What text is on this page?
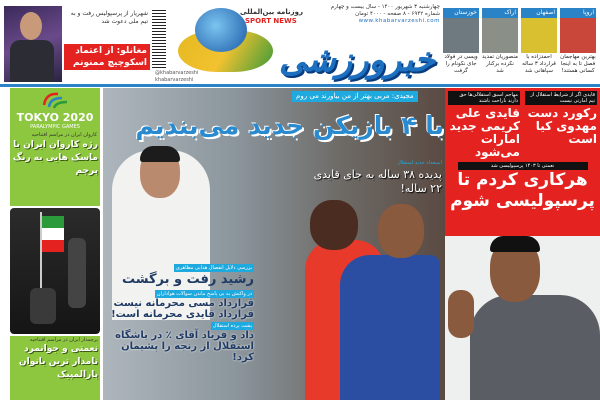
شهریار از پرسپولیس رفت و به تیم ملی دعوت شد
مغانلو: از اعتماد اسکوچیچ ممنونم	خبرورزشی
روزنامه بین‌المللی
SPORT NEWS
@khabarvarzeshi
khabarvarzeshi
چهارشنبه ۳ شهریور ۱۴۰۰ - سال بیست و چهارم
شماره ۶۹۴۲ - ۸ صفحه - ۴۰۰۰ تومان
www.khabarvarzeshi.com
اروپا
بهترین مهاجمان فصل تا به اینجا کسانی هستند!
اصفهان
احمدزاده با قرارداد ۳ ساله سپاهانی شد
اراک
منصوریان تمدید نکرده برکنار شد
خوزستان
ویسی در فولاد جای نکونام را گرفت
TOKYO 2020
PARALYMPIC GAMES
کاروان ایران در مراسم افتتاحیه
رژه کاروان ایران با ماسک هایی به رنگ پرچم
پرچمدار ایران در مراسم افتتاحیه
نعمتی و جوانمرد نامدار ترین بانوان پارالمپیک
مجیدی: مربی بهتر از من بیاورند می روم
با ۴ بازیکن جدید می‌بندیم
استعداد جدید استقلال
پدیده ۳۸ ساله به جای قایدی ۲۲ ساله!
بررسی دلایل انفصال هدایی مظاهری
رشید رفت و برگشت
در واکنش به بی پاسخ ماندن سوالات هواداران
قرارداد مسی محرمانه نیست قرارداد قایدی محرمانه است!
پشت پرده استقلال
داد و فریاد آقای ٪ در باشگاه استقلال از رنجه را پشیمان کرد!
مهاجم اسبق استقلالی‌ها حق دارند ناراحت باشند
قایدی علی کریمی جدید امارات می‌شود
قایدی اگر از شرایط استقلال از تیم امارتی نیست
رکورد دست مهدوی کیا است
نعمتی تا ۱۴۰۳ پرسپولیسی شد
هرکاری کردم تا پرسپولیسی شوم
